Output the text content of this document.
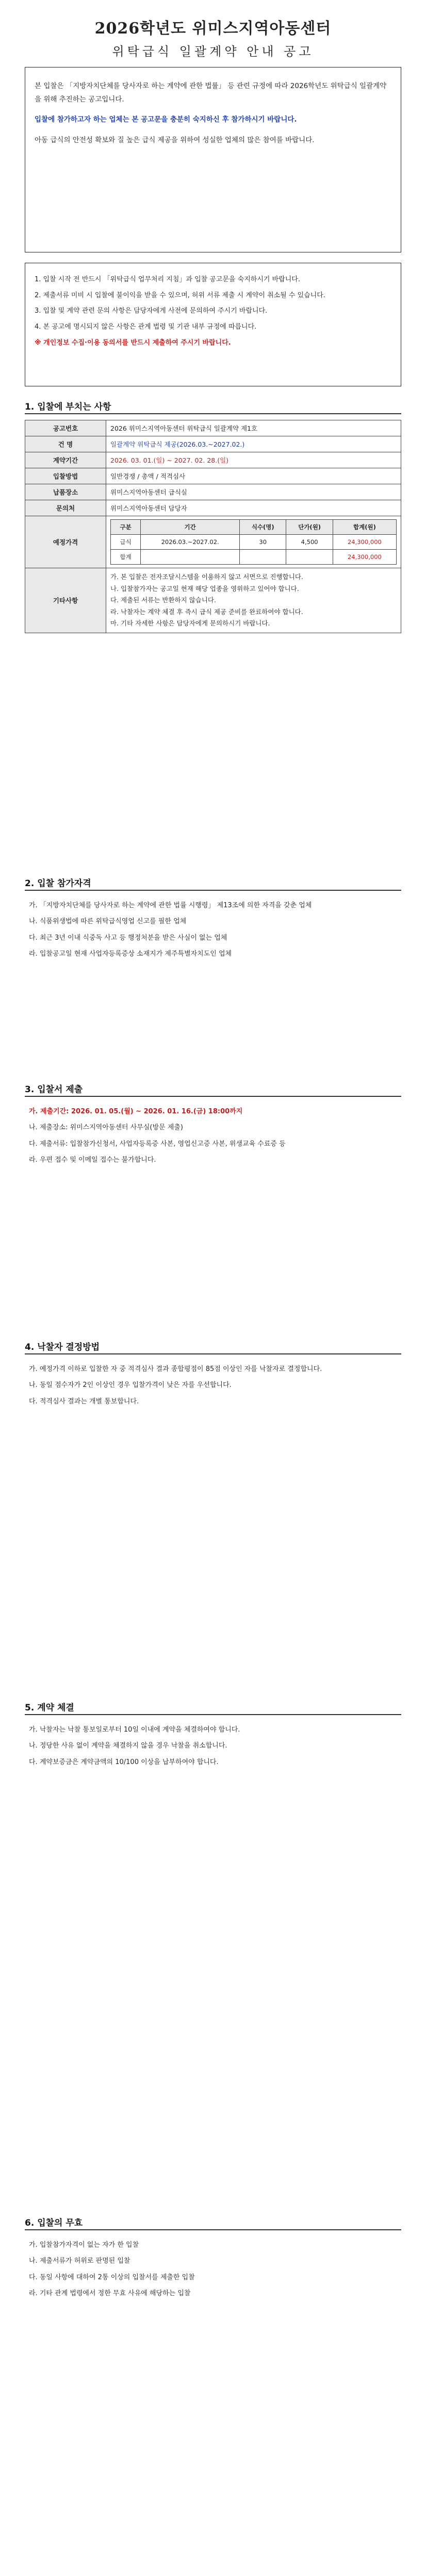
2026학년도 위미스지역아동센터
위탁급식 일괄계약 안내 공고

본 입찰은 「지방자치단체를 당사자로 하는 계약에 관한 법률」 등 관련 규정에 따라 2026학년도 위탁급식 일괄계약을 위해 추진하는 공고입니다.

입찰에 참가하고자 하는 업체는 본 공고문을 충분히 숙지하신 후 참가하시기 바랍니다.

아동 급식의 안전성 확보와 질 높은 급식 제공을 위하여 성실한 업체의 많은 참여를 바랍니다.

1. 입찰 시작 전 반드시 「위탁급식 업무처리 지침」과 입찰 공고문을 숙지하시기 바랍니다.
2. 제출서류 미비 시 입찰에 불이익을 받을 수 있으며, 허위 서류 제출 시 계약이 취소될 수 있습니다.
3. 입찰 및 계약 관련 문의 사항은 담당자에게 사전에 문의하여 주시기 바랍니다.
4. 본 공고에 명시되지 않은 사항은 관계 법령 및 기관 내부 규정에 따릅니다.
※ 개인정보 수집·이용 동의서를 반드시 제출하여 주시기 바랍니다.
1. 입찰에 부치는 사항
공고번호	2026 위미스지역아동센터 위탁급식 일괄계약 제1호
건 명	일괄계약 위탁급식 제공(2026.03.~2027.02.)
계약기간	2026. 03. 01.(일) ~ 2027. 02. 28.(일)
입찰방법	일반경쟁 / 총액 / 적격심사
납품장소	위미스지역아동센터 급식실
문의처	위미스지역아동센터 담당자
예정가격	
구분	기간	식수(명)	단가(원)	합계(원)
급식	2026.03.~2027.02.	30	4,500	24,300,000
합계				24,300,000

기타사항	
가. 본 입찰은 전자조달시스템을 이용하지 않고 서면으로 진행합니다.
나. 입찰참가자는 공고일 현재 해당 업종을 영위하고 있어야 합니다.
다. 제출된 서류는 반환하지 않습니다.
라. 낙찰자는 계약 체결 후 즉시 급식 제공 준비를 완료하여야 합니다.
마. 기타 자세한 사항은 담당자에게 문의하시기 바랍니다.
2. 입찰 참가자격

가. 「지방자치단체를 당사자로 하는 계약에 관한 법률 시행령」 제13조에 의한 자격을 갖춘 업체

나. 식품위생법에 따른 위탁급식영업 신고를 필한 업체

다. 최근 3년 이내 식중독 사고 등 행정처분을 받은 사실이 없는 업체

라. 입찰공고일 현재 사업자등록증상 소재지가 제주특별자치도인 업체

3. 입찰서 제출

가. 제출기간: 2026. 01. 05.(월) ~ 2026. 01. 16.(금) 18:00까지

나. 제출장소: 위미스지역아동센터 사무실(방문 제출)

다. 제출서류: 입찰참가신청서, 사업자등록증 사본, 영업신고증 사본, 위생교육 수료증 등

라. 우편 접수 및 이메일 접수는 불가합니다.

4. 낙찰자 결정방법

가. 예정가격 이하로 입찰한 자 중 적격심사 결과 종합평점이 85점 이상인 자를 낙찰자로 결정합니다.

나. 동일 점수자가 2인 이상인 경우 입찰가격이 낮은 자를 우선합니다.

다. 적격심사 결과는 개별 통보합니다.

5. 계약 체결

가. 낙찰자는 낙찰 통보일로부터 10일 이내에 계약을 체결하여야 합니다.

나. 정당한 사유 없이 계약을 체결하지 않을 경우 낙찰을 취소합니다.

다. 계약보증금은 계약금액의 10/100 이상을 납부하여야 합니다.

6. 입찰의 무효

가. 입찰참가자격이 없는 자가 한 입찰

나. 제출서류가 허위로 판명된 입찰

다. 동일 사항에 대하여 2통 이상의 입찰서를 제출한 입찰

라. 기타 관계 법령에서 정한 무효 사유에 해당하는 입찰
